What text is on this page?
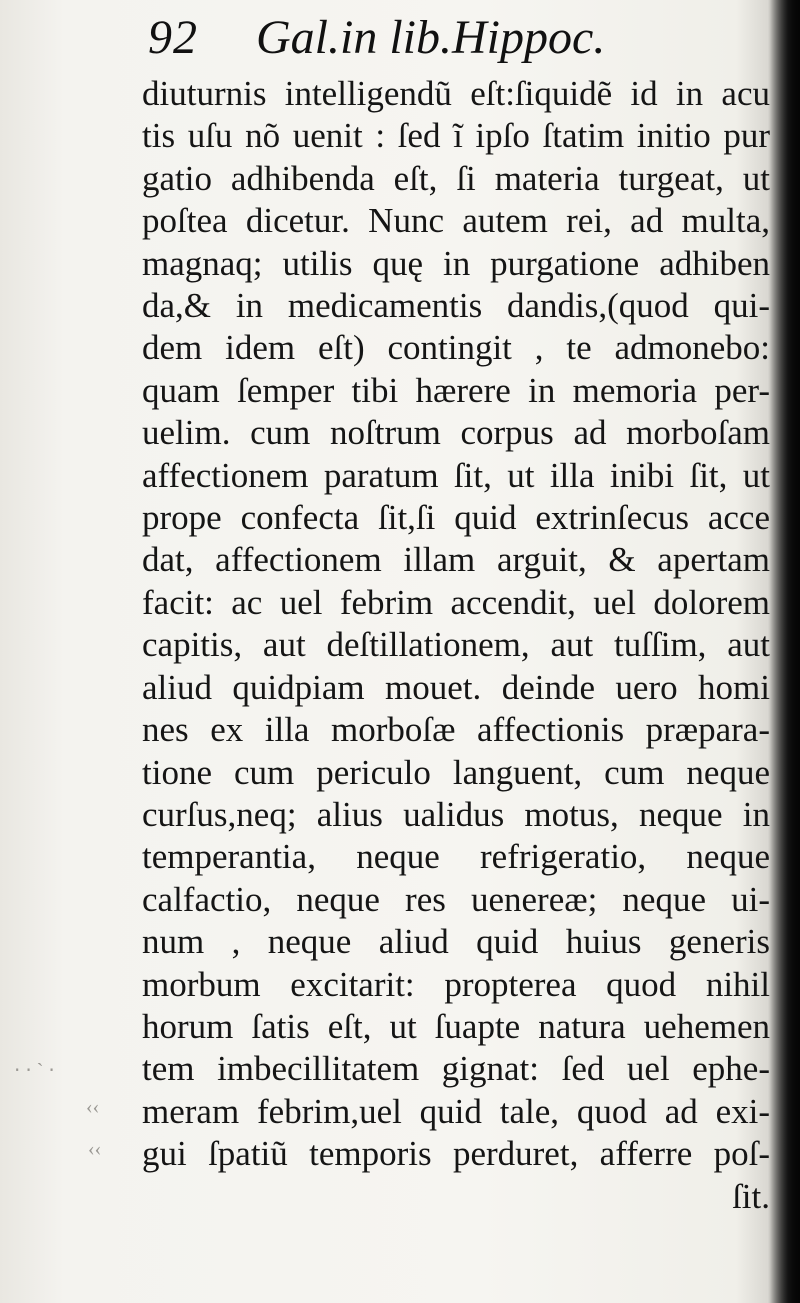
92 Gal.in lib.Hippoc.
diuturnis intelligendũ eſt:ſiquidẽ id in acu
tis uſu nõ uenit : ſed ĩ ipſo ſtatim initio pur
gatio adhibenda eſt, ſi materia turgeat, ut
poſtea dicetur. Nunc autem rei, ad multa,
magnaq; utilis quę in purgatione adhiben
da,& in medicamentis dandis,(quod qui-
dem idem eſt) contingit , te admonebo:
quam ſemper tibi hærere in memoria per-
uelim. cum noſtrum corpus ad morboſam
affectionem paratum ſit, ut illa inibi ſit, ut
prope confecta ſit,ſi quid extrinſecus acce
dat, affectionem illam arguit, & apertam
facit: ac uel febrim accendit, uel dolorem
capitis, aut deſtillationem, aut tuſſim, aut
aliud quidpiam mouet. deinde uero homi
nes ex illa morboſæ affectionis præpara-
tione cum periculo languent, cum neque
curſus,neq; alius ualidus motus, neque in
temperantia, neque refrigeratio, neque
calfactio, neque res uenereæ; neque ui-
num , neque aliud quid huius generis
morbum excitarit: propterea quod nihil
horum ſatis eſt, ut ſuapte natura uehemen
tem imbecillitatem gignat: ſed uel ephe-
meram febrim,uel quid tale, quod ad exi-
gui ſpatiũ temporis perduret, afferre poſ-
ſit.
‧ ‧ ˋ ‧
‹‹
‹‹
